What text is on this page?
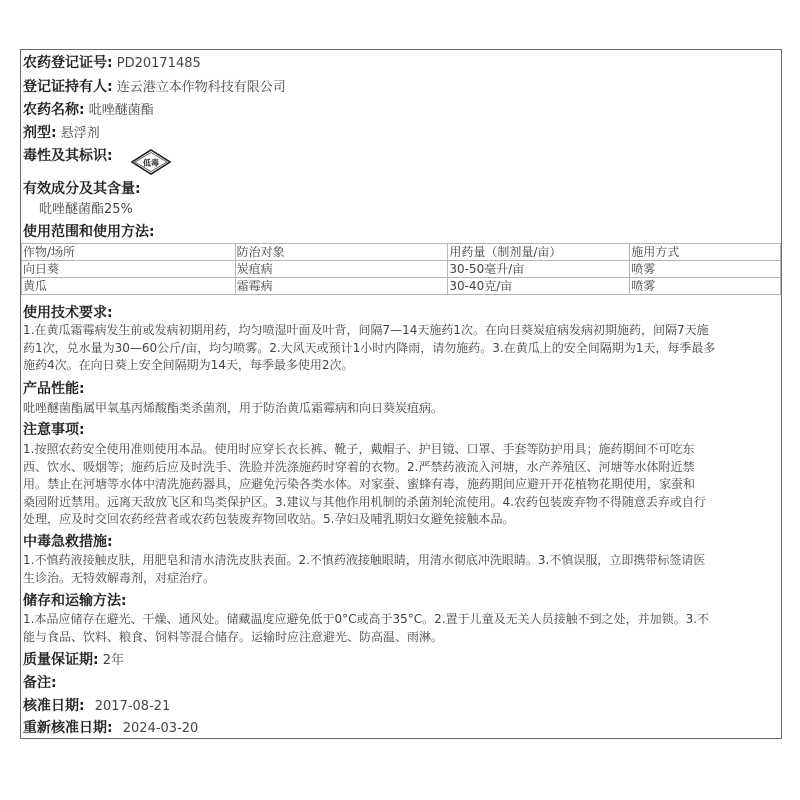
农药登记证号: PD20171485
登记证持有人: 连云港立本作物科技有限公司
农药名称: 吡唑醚菌酯
剂型: 悬浮剂
毒性及其标识:	低毒
有效成分及其含量:
吡唑醚菌酯25%
使用范围和使用方法:
作物/场所	防治对象	用药量（制剂量/亩）	施用方式
向日葵	炭疽病	30-50毫升/亩	喷雾
黄瓜	霜霉病	30-40克/亩	喷雾
使用技术要求:
1.在黄瓜霜霉病发生前或发病初期用药，均匀喷湿叶面及叶背，间隔7—14天施药1次。在向日葵炭疽病发病初期施药，间隔7天施
药1次，兑水量为30—60公斤/亩，均匀喷雾。2.大风天或预计1小时内降雨，请勿施药。3.在黄瓜上的安全间隔期为1天，每季最多
施药4次。在向日葵上安全间隔期为14天，每季最多使用2次。
产品性能:
吡唑醚菌酯属甲氧基丙烯酸酯类杀菌剂，用于防治黄瓜霜霉病和向日葵炭疽病。
注意事项:
1.按照农药安全使用准则使用本品。使用时应穿长衣长裤、靴子，戴帽子、护目镜、口罩、手套等防护用具；施药期间不可吃东
西、饮水、吸烟等；施药后应及时洗手、洗脸并洗涤施药时穿着的衣物。2.严禁药液流入河塘，水产养殖区、河塘等水体附近禁
用。禁止在河塘等水体中清洗施药器具，应避免污染各类水体。对家蚕、蜜蜂有毒，施药期间应避开开花植物花期使用，家蚕和
桑园附近禁用。远离天敌放飞区和鸟类保护区。3.建议与其他作用机制的杀菌剂轮流使用。4.农药包装废弃物不得随意丢弃或自行
处理，应及时交回农药经营者或农药包装废弃物回收站。5.孕妇及哺乳期妇女避免接触本品。
中毒急救措施:
1.不慎药液接触皮肤，用肥皂和清水清洗皮肤表面。2.不慎药液接触眼睛，用清水彻底冲洗眼睛。3.不慎误服，立即携带标签请医
生诊治。无特效解毒剂，对症治疗。
储存和运输方法:
1.本品应储存在避光、干燥、通风处。储藏温度应避免低于0°C或高于35°C。2.置于儿童及无关人员接触不到之处，并加锁。3.不
能与食品、饮料、粮食、饲料等混合储存。运输时应注意避光、防高温、雨淋。
质量保证期: 2年
备注:
核准日期: 2017-08-21
重新核准日期: 2024-03-20
